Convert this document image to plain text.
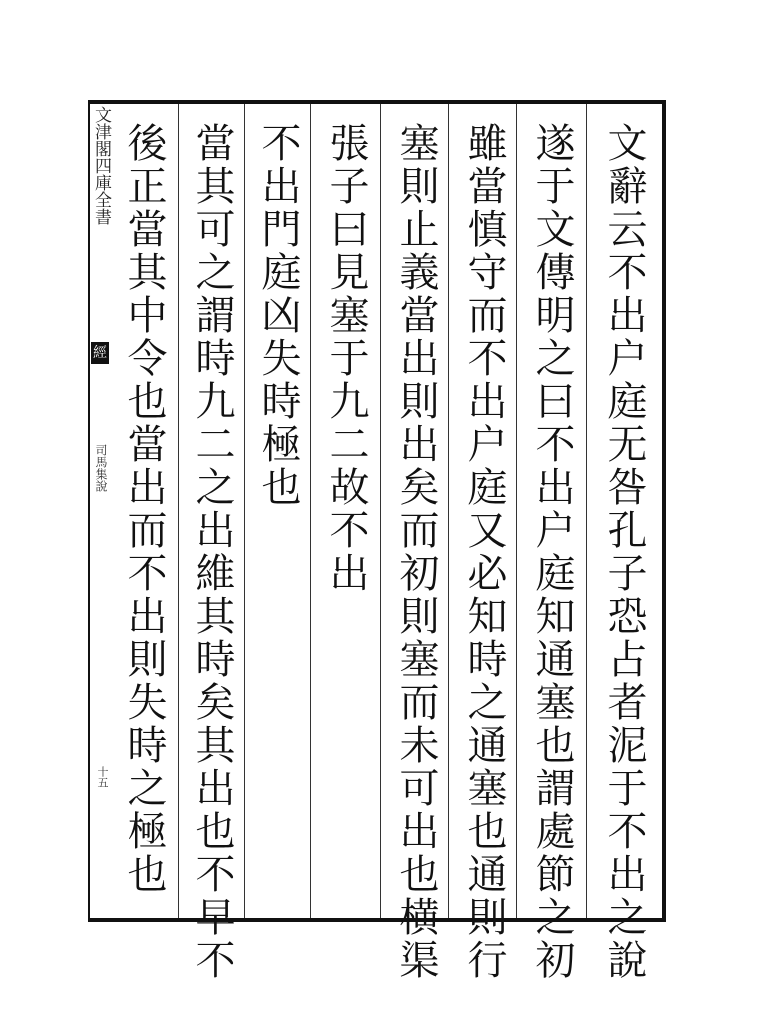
文津閣四庫全書
經
司馬集說
十五	文辭云不出户庭无咎孔子恐占者泥于不出之說
遂于文傳明之曰不出户庭知通塞也謂處節之初
雖當慎守而不出户庭又必知時之通塞也通則行
塞則止義當出則出矣而初則塞而未可出也横渠
張子曰見塞于九二故不出
不出門庭凶失時極也
當其可之謂時九二之出維其時矣其出也不早不
後正當其中令也當出而不出則失時之極也
